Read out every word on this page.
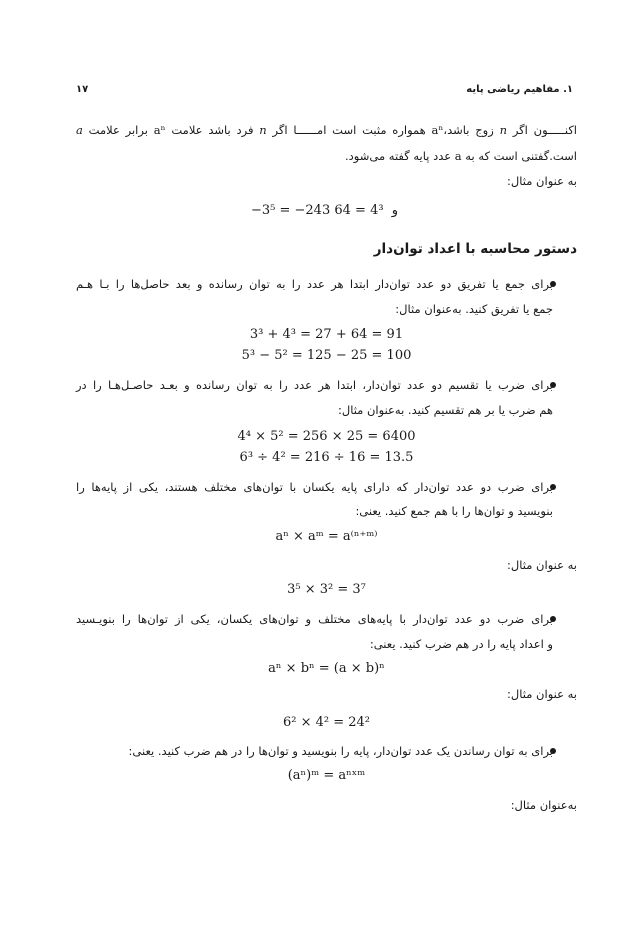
۱. مفاهیم ریاضی پایه
۱۷
اکنـــــون اگر n زوج باشد،aⁿ همواره مثبت است امــــــا اگر n فرد باشد علامت aⁿ برابر علامت a
است.گفتنی است که به a عدد پایه گفته می‌شود.
به عنوان مثال:
−3⁵ = −243	و 4³ = 64
دستور محاسبه با اعداد توان‌دار
برای جمع یا تفریق دو عدد توان‌دار ابتدا هر عدد را به توان رسانده و بعد حاصل‌ها را بـا هـم
جمع یا تفریق کنید. به‌عنوان مثال:
3³ + 4³ = 27 + 64 = 91
5³ − 5² = 125 − 25 = 100
برای ضرب یا تقسیم دو عدد توان‌دار، ابتدا هر عدد را به توان رسانده و بعـد حاصـل‌هـا را در
هم ضرب یا بر هم تقسیم کنید. به‌عنوان مثال:
4⁴ × 5² = 256 × 25 = 6400
6³ ÷ 4² = 216 ÷ 16 = 13.5
برای ضرب دو عدد توان‌دار که دارای پایه یکسان با توان‌های مختلف هستند، یکی از پایه‌ها را
بنویسید و توان‌ها را با هم جمع کنید. یعنی:
aⁿ × aᵐ = a⁽ⁿ⁺ᵐ⁾
به عنوان مثال:
3⁵ × 3² = 3⁷
برای ضرب دو عدد توان‌دار با پایه‌های مختلف و توان‌های یکسان، یکی از توان‌ها را بنویـسید
و اعداد پایه را در هم ضرب کنید. یعنی:
aⁿ × bⁿ = (a × b)ⁿ
به عنوان مثال:
6² × 4² = 24²
برای به توان رساندن یک عدد توان‌دار، پایه را بنویسید و توان‌ها را در هم ضرب کنید. یعنی:
(aⁿ)ᵐ = aⁿˣᵐ
به‌عنوان مثال:
